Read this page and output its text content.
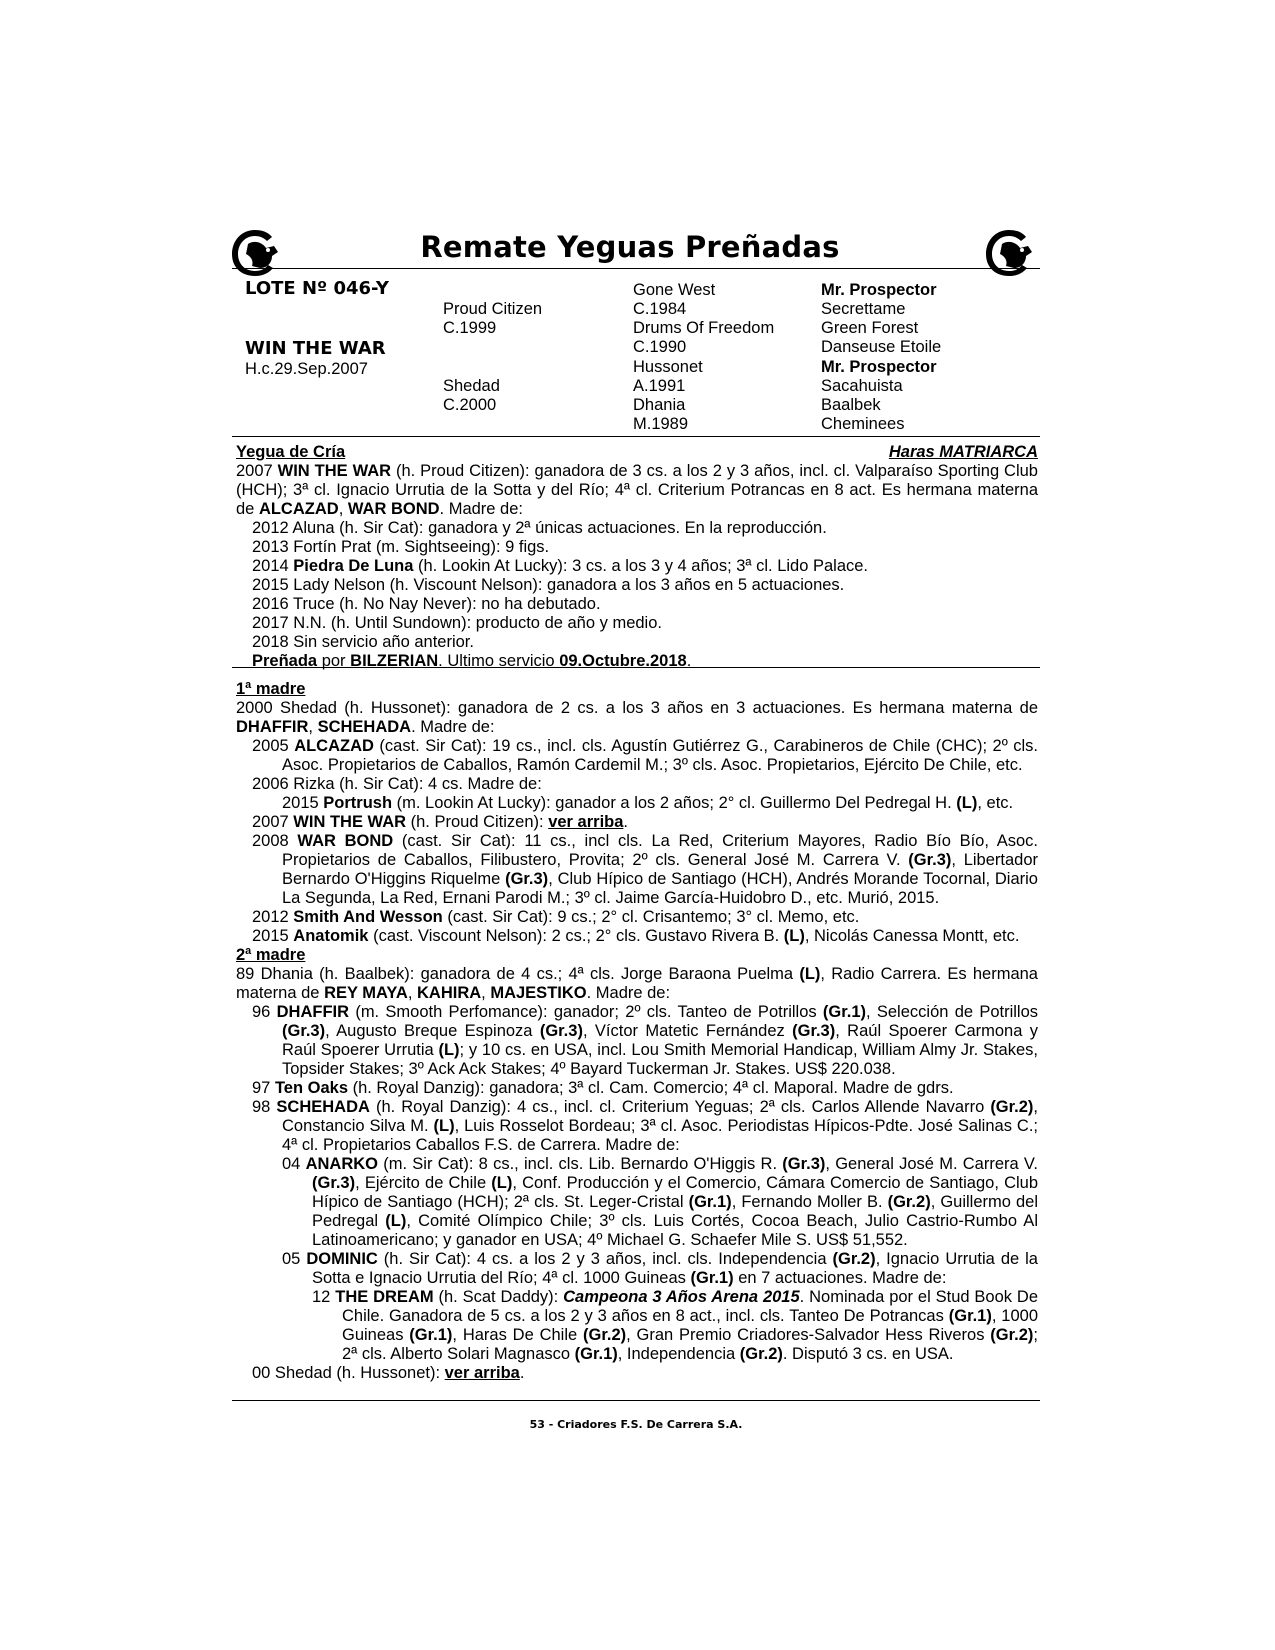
Remate Yeguas Preñadas
LOTE Nº 046-Y
WIN THE WAR
H.c.29.Sep.2007
Proud Citizen
C.1999
Shedad
C.2000
Gone West
C.1984
Drums Of Freedom
C.1990
Hussonet
A.1991
Dhania
M.1989
Mr. Prospector
Secrettame
Green Forest
Danseuse Etoile
Mr. Prospector
Sacahuista
Baalbek
Cheminees
Yegua de Cría	Haras MATRIARCA
2007 WIN THE WAR (h. Proud Citizen): ganadora de 3 cs. a los 2 y 3 años, incl. cl. Valparaíso Sporting Club (HCH); 3ª cl. Ignacio Urrutia de la Sotta y del Río; 4ª cl. Criterium Potrancas en 8 act. Es hermana materna de ALCAZAD, WAR BOND. Madre de:
2012 Aluna (h. Sir Cat): ganadora y 2ª únicas actuaciones. En la reproducción.
2013 Fortín Prat (m. Sightseeing): 9 figs.
2014 Piedra De Luna (h. Lookin At Lucky): 3 cs. a los 3 y 4 años; 3ª cl. Lido Palace.
2015 Lady Nelson (h. Viscount Nelson): ganadora a los 3 años en 5 actuaciones.
2016 Truce (h. No Nay Never): no ha debutado.
2017 N.N. (h. Until Sundown): producto de año y medio.
2018 Sin servicio año anterior.
Preñada por BILZERIAN. Ultimo servicio 09.Octubre.2018.
1ª madre
2000 Shedad (h. Hussonet): ganadora de 2 cs. a los 3 años en 3 actuaciones. Es hermana materna de DHAFFIR, SCHEHADA. Madre de:
2005 ALCAZAD (cast. Sir Cat): 19 cs., incl. cls. Agustín Gutiérrez G., Carabineros de Chile (CHC); 2º cls. Asoc. Propietarios de Caballos, Ramón Cardemil M.; 3º cls. Asoc. Propietarios, Ejército De Chile, etc.
2006 Rizka (h. Sir Cat): 4 cs. Madre de:
2015 Portrush (m. Lookin At Lucky): ganador a los 2 años; 2° cl. Guillermo Del Pedregal H. (L), etc.
2007 WIN THE WAR (h. Proud Citizen): ver arriba.
2008 WAR BOND (cast. Sir Cat): 11 cs., incl cls. La Red, Criterium Mayores, Radio Bío Bío, Asoc. Propietarios de Caballos, Filibustero, Provita; 2º cls. General José M. Carrera V. (Gr.3), Libertador Bernardo O'Higgins Riquelme (Gr.3), Club Hípico de Santiago (HCH), Andrés Morande Tocornal, Diario La Segunda, La Red, Ernani Parodi M.; 3º cl. Jaime García-Huidobro D., etc. Murió, 2015.
2012 Smith And Wesson (cast. Sir Cat): 9 cs.; 2° cl. Crisantemo; 3° cl. Memo, etc.
2015 Anatomik (cast. Viscount Nelson): 2 cs.; 2° cls. Gustavo Rivera B. (L), Nicolás Canessa Montt, etc.
2ª madre
89 Dhania (h. Baalbek): ganadora de 4 cs.; 4ª cls. Jorge Baraona Puelma (L), Radio Carrera. Es hermana materna de REY MAYA, KAHIRA, MAJESTIKO. Madre de:
96 DHAFFIR (m. Smooth Perfomance): ganador; 2º cls. Tanteo de Potrillos (Gr.1), Selección de Potrillos (Gr.3), Augusto Breque Espinoza (Gr.3), Víctor Matetic Fernández (Gr.3), Raúl Spoerer Carmona y Raúl Spoerer Urrutia (L); y 10 cs. en USA, incl. Lou Smith Memorial Handicap, William Almy Jr. Stakes, Topsider Stakes; 3º Ack Ack Stakes; 4º Bayard Tuckerman Jr. Stakes. US$ 220.038.
97 Ten Oaks (h. Royal Danzig): ganadora; 3ª cl. Cam. Comercio; 4ª cl. Maporal. Madre de gdrs.
98 SCHEHADA (h. Royal Danzig): 4 cs., incl. cl. Criterium Yeguas; 2ª cls. Carlos Allende Navarro (Gr.2), Constancio Silva M. (L), Luis Rosselot Bordeau; 3ª cl. Asoc. Periodistas Hípicos-Pdte. José Salinas C.; 4ª cl. Propietarios Caballos F.S. de Carrera. Madre de:
04 ANARKO (m. Sir Cat): 8 cs., incl. cls. Lib. Bernardo O'Higgis R. (Gr.3), General José M. Carrera V. (Gr.3), Ejército de Chile (L), Conf. Producción y el Comercio, Cámara Comercio de Santiago, Club Hípico de Santiago (HCH); 2ª cls. St. Leger-Cristal (Gr.1), Fernando Moller B. (Gr.2), Guillermo del Pedregal (L), Comité Olímpico Chile; 3º cls. Luis Cortés, Cocoa Beach, Julio Castrio-Rumbo Al Latinoamericano; y ganador en USA; 4º Michael G. Schaefer Mile S. US$ 51,552.
05 DOMINIC (h. Sir Cat): 4 cs. a los 2 y 3 años, incl. cls. Independencia (Gr.2), Ignacio Urrutia de la Sotta e Ignacio Urrutia del Río; 4ª cl. 1000 Guineas (Gr.1) en 7 actuaciones. Madre de:
12 THE DREAM (h. Scat Daddy): Campeona 3 Años Arena 2015. Nominada por el Stud Book De Chile. Ganadora de 5 cs. a los 2 y 3 años en 8 act., incl. cls. Tanteo De Potrancas (Gr.1), 1000 Guineas (Gr.1), Haras De Chile (Gr.2), Gran Premio Criadores-Salvador Hess Riveros (Gr.2); 2ª cls. Alberto Solari Magnasco (Gr.1), Independencia (Gr.2). Disputó 3 cs. en USA.
00 Shedad (h. Hussonet): ver arriba.
53 - Criadores F.S. De Carrera S.A.
